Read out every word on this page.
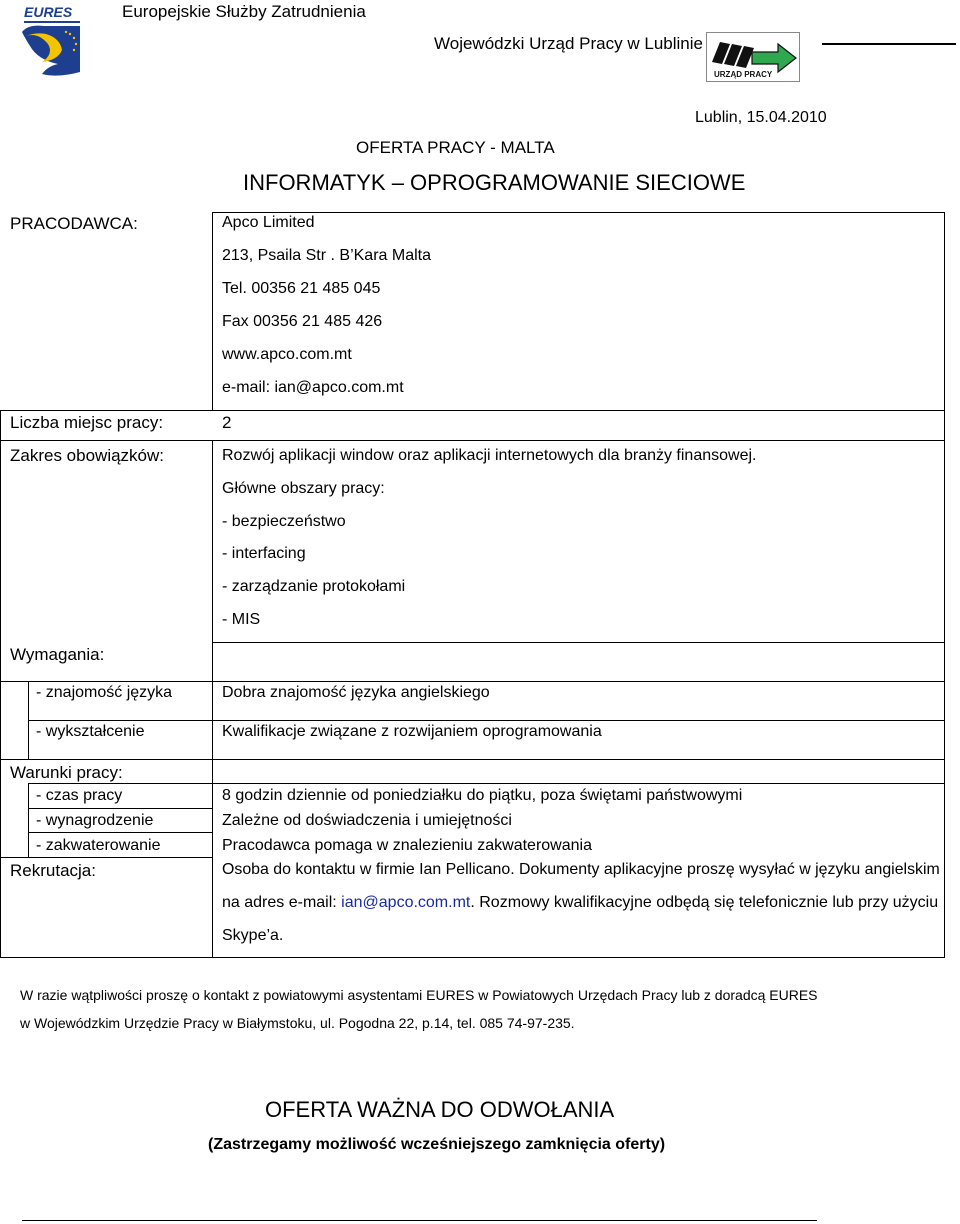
EURES	Europejskie Służby Zatrudnienia
Wojewódzki Urząd Pracy w Lublinie
URZĄD PRACY
Lublin, 15.04.2010
OFERTA PRACY - MALTA
INFORMATYK – OPROGRAMOWANIE SIECIOWE
PRACODAWCA:	Apco Limited
213, Psaila Str . B’Kara Malta
Tel. 00356 21 485 045
Fax 00356 21 485 426
www.apco.com.mt
e-mail: ian@apco.com.mt
Liczba miejsc pracy:	2
Zakres obowiązków:	Rozwój aplikacji window oraz aplikacji internetowych dla branży finansowej.
Główne obszary pracy:
- bezpieczeństwo
- interfacing
- zarządzanie protokołami
- MIS
Wymagania:
- znajomość języka	Dobra znajomość języka angielskiego
- wykształcenie	Kwalifikacje związane z rozwijaniem oprogramowania
Warunki pracy:
- czas pracy	8 godzin dziennie od poniedziałku do piątku, poza świętami państwowymi
- wynagrodzenie	Zależne od doświadczenia i umiejętności
- zakwaterowanie	Pracodawca pomaga w znalezieniu zakwaterowania
Rekrutacja:	Osoba do kontaktu w firmie Ian Pellicano. Dokumenty aplikacyjne proszę wysyłać w języku angielskim
na adres e-mail: ian@apco.com.mt. Rozmowy kwalifikacyjne odbędą się telefonicznie lub przy użyciu
Skype’a.
W razie wątpliwości proszę o kontakt z powiatowymi asystentami EURES w Powiatowych Urzędach Pracy lub z doradcą EURES
w Wojewódzkim Urzędzie Pracy w Białymstoku, ul. Pogodna 22, p.14, tel. 085 74-97-235.
OFERTA WAŻNA DO ODWOŁANIA
(Zastrzegamy możliwość wcześniejszego zamknięcia oferty)
